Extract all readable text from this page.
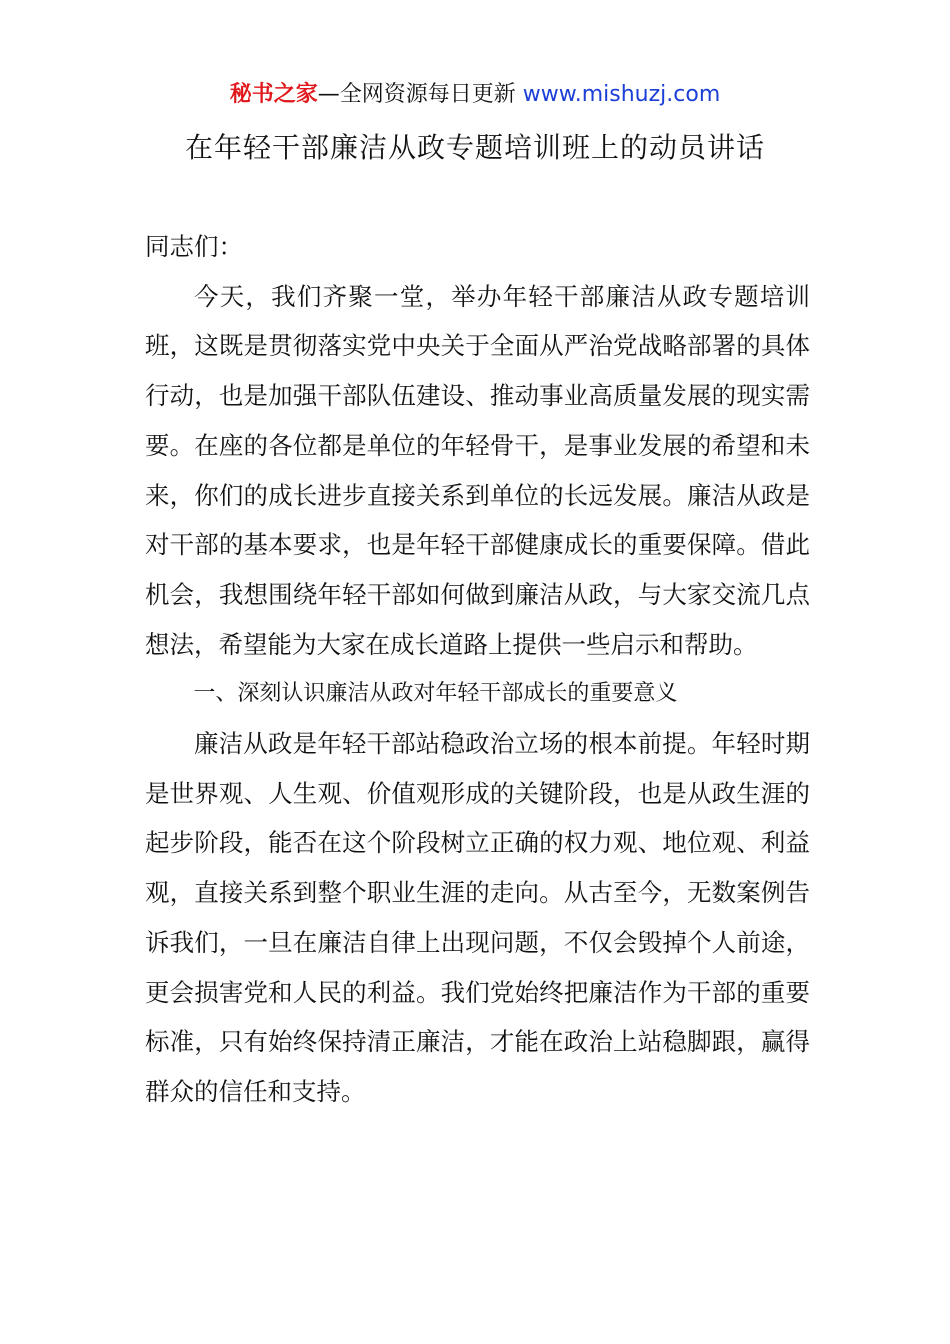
秘书之家—全网资源每日更新 www.mishuzj.com
在年轻干部廉洁从政专题培训班上的动员讲话

同志们：

今天，我们齐聚一堂，举办年轻干部廉洁从政专题培训班，这既是贯彻落实党中央关于全面从严治党战略部署的具体行动，也是加强干部队伍建设、推动事业高质量发展的现实需要。在座的各位都是单位的年轻骨干，是事业发展的希望和未来，你们的成长进步直接关系到单位的长远发展。廉洁从政是对干部的基本要求，也是年轻干部健康成长的重要保障。借此机会，我想围绕年轻干部如何做到廉洁从政，与大家交流几点想法，希望能为大家在成长道路上提供一些启示和帮助。

一、深刻认识廉洁从政对年轻干部成长的重要意义

廉洁从政是年轻干部站稳政治立场的根本前提。年轻时期是世界观、人生观、价值观形成的关键阶段，也是从政生涯的起步阶段，能否在这个阶段树立正确的权力观、地位观、利益观，直接关系到整个职业生涯的走向。从古至今，无数案例告诉我们，一旦在廉洁自律上出现问题，不仅会毁掉个人前途，更会损害党和人民的利益。我们党始终把廉洁作为干部的重要标准，只有始终保持清正廉洁，才能在政治上站稳脚跟，赢得群众的信任和支持。
